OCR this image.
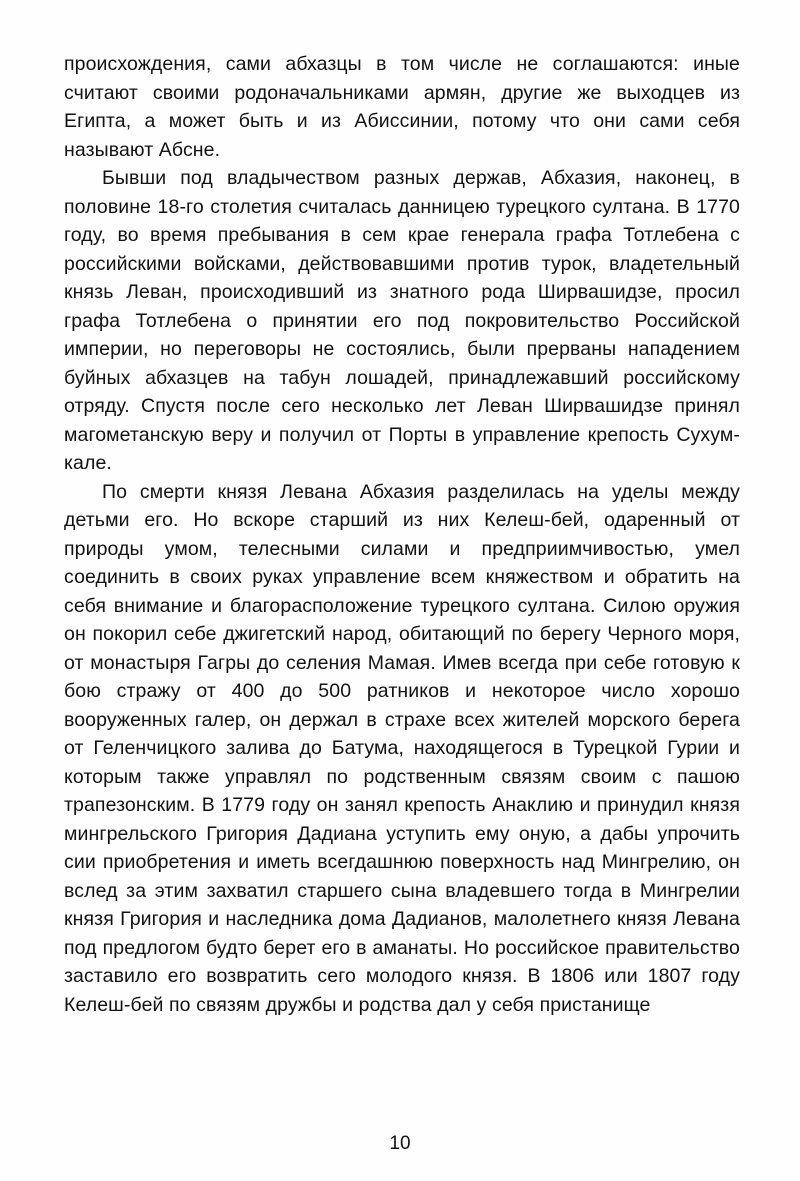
происхождения, сами абхазцы в том числе не соглашаются: иные считают своими родоначальниками армян, другие же выходцев из Египта, а может быть и из Абиссинии, потому что они сами себя называют Абсне.

Бывши под владычеством разных держав, Абхазия, наконец, в половине 18-го столетия считалась данницею турецкого султана. В 1770 году, во время пребывания в сем крае генерала графа Тотлебена с российскими войсками, действовавшими против турок, владетельный князь Леван, происходивший из знатного рода Ширвашидзе, просил графа Тотлебена о принятии его под покровительство Российской империи, но переговоры не состоялись, были прерваны нападением буйных абхазцев на табун лошадей, принадлежавший российскому отряду. Спустя после сего несколько лет Леван Ширвашидзе принял магометанскую веру и получил от Порты в управление крепость Сухум-кале.

По смерти князя Левана Абхазия разделилась на уделы между детьми его. Но вскоре старший из них Келеш-бей, одаренный от природы умом, телесными силами и предприимчивостью, умел соединить в своих руках управление всем княжеством и обратить на себя внимание и благорасположение турецкого султана. Силою оружия он покорил себе джигетский народ, обитающий по берегу Черного моря, от монастыря Гагры до селения Мамая. Имев всегда при себе готовую к бою стражу от 400 до 500 ратников и некоторое число хорошо вооруженных галер, он держал в страхе всех жителей морского берега от Геленчицкого залива до Батума, находящегося в Турецкой Гурии и которым также управлял по родственным связям своим с пашою трапезонским. В 1779 году он занял крепость Анаклию и принудил князя мингрельского Григория Дадиана уступить ему оную, а дабы упрочить сии приобретения и иметь всегдашнюю поверхность над Мингрелию, он вслед за этим захватил старшего сына владевшего тогда в Мингрелии князя Григория и наследника дома Дадианов, малолетнего князя Левана под предлогом будто берет его в аманаты. Но российское правительство заставило его возвратить сего молодого князя. В 1806 или 1807 году Келеш-бей по связям дружбы и родства дал у себя пристанище

10
